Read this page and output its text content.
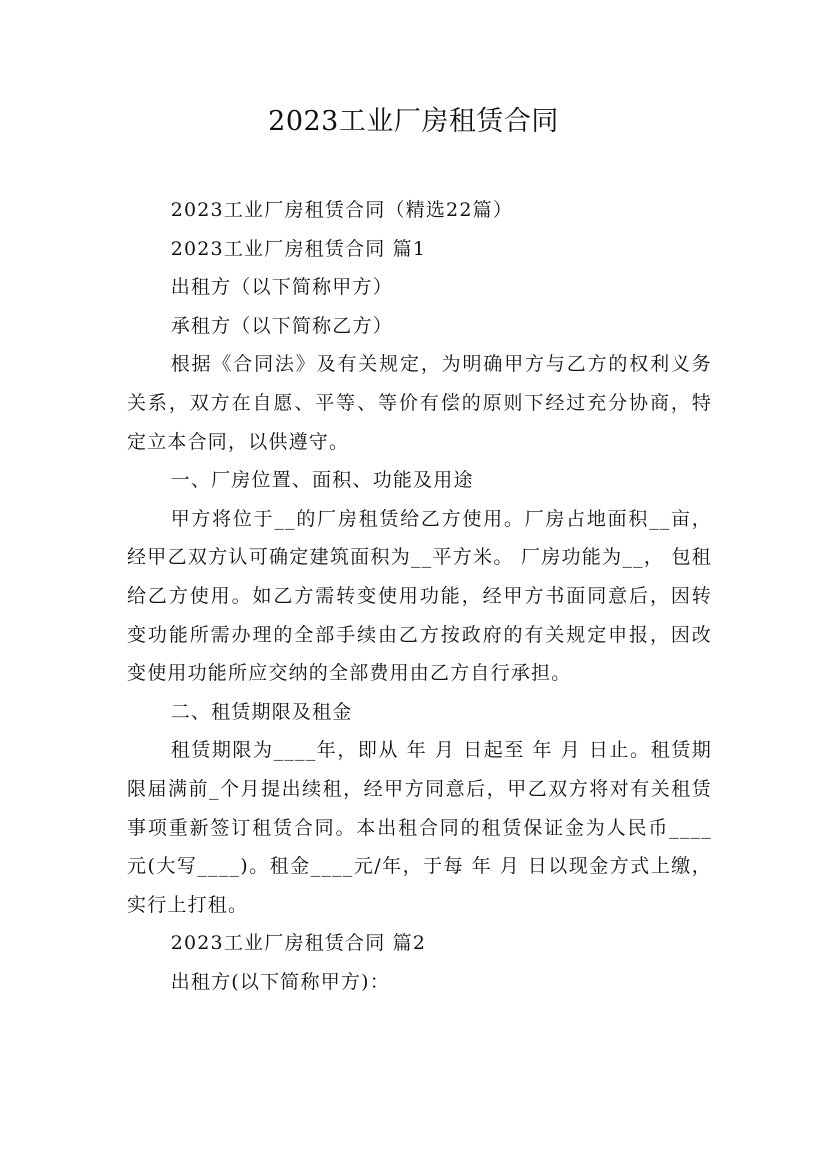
2023工业厂房租赁合同

2023工业厂房租赁合同（精选22篇）

2023工业厂房租赁合同 篇1

出租方（以下简称甲方）

承租方（以下简称乙方）

根据《合同法》及有关规定，为明确甲方与乙方的权利义务关系，双方在自愿、平等、等价有偿的原则下经过充分协商，特定立本合同，以供遵守。

一、厂房位置、面积、功能及用途

甲方将位于__的厂房租赁给乙方使用。厂房占地面积__亩，经甲乙双方认可确定建筑面积为__平方米。 厂房功能为__， 包租给乙方使用。如乙方需转变使用功能，经甲方书面同意后，因转变功能所需办理的全部手续由乙方按政府的有关规定申报，因改变使用功能所应交纳的全部费用由乙方自行承担。

二、租赁期限及租金

租赁期限为____年，即从 年 月 日起至 年 月 日止。租赁期限届满前_个月提出续租，经甲方同意后，甲乙双方将对有关租赁事项重新签订租赁合同。本出租合同的租赁保证金为人民币____元(大写____)。租金____元/年，于每 年 月 日以现金方式上缴，实行上打租。

2023工业厂房租赁合同 篇2

出租方(以下简称甲方)：
